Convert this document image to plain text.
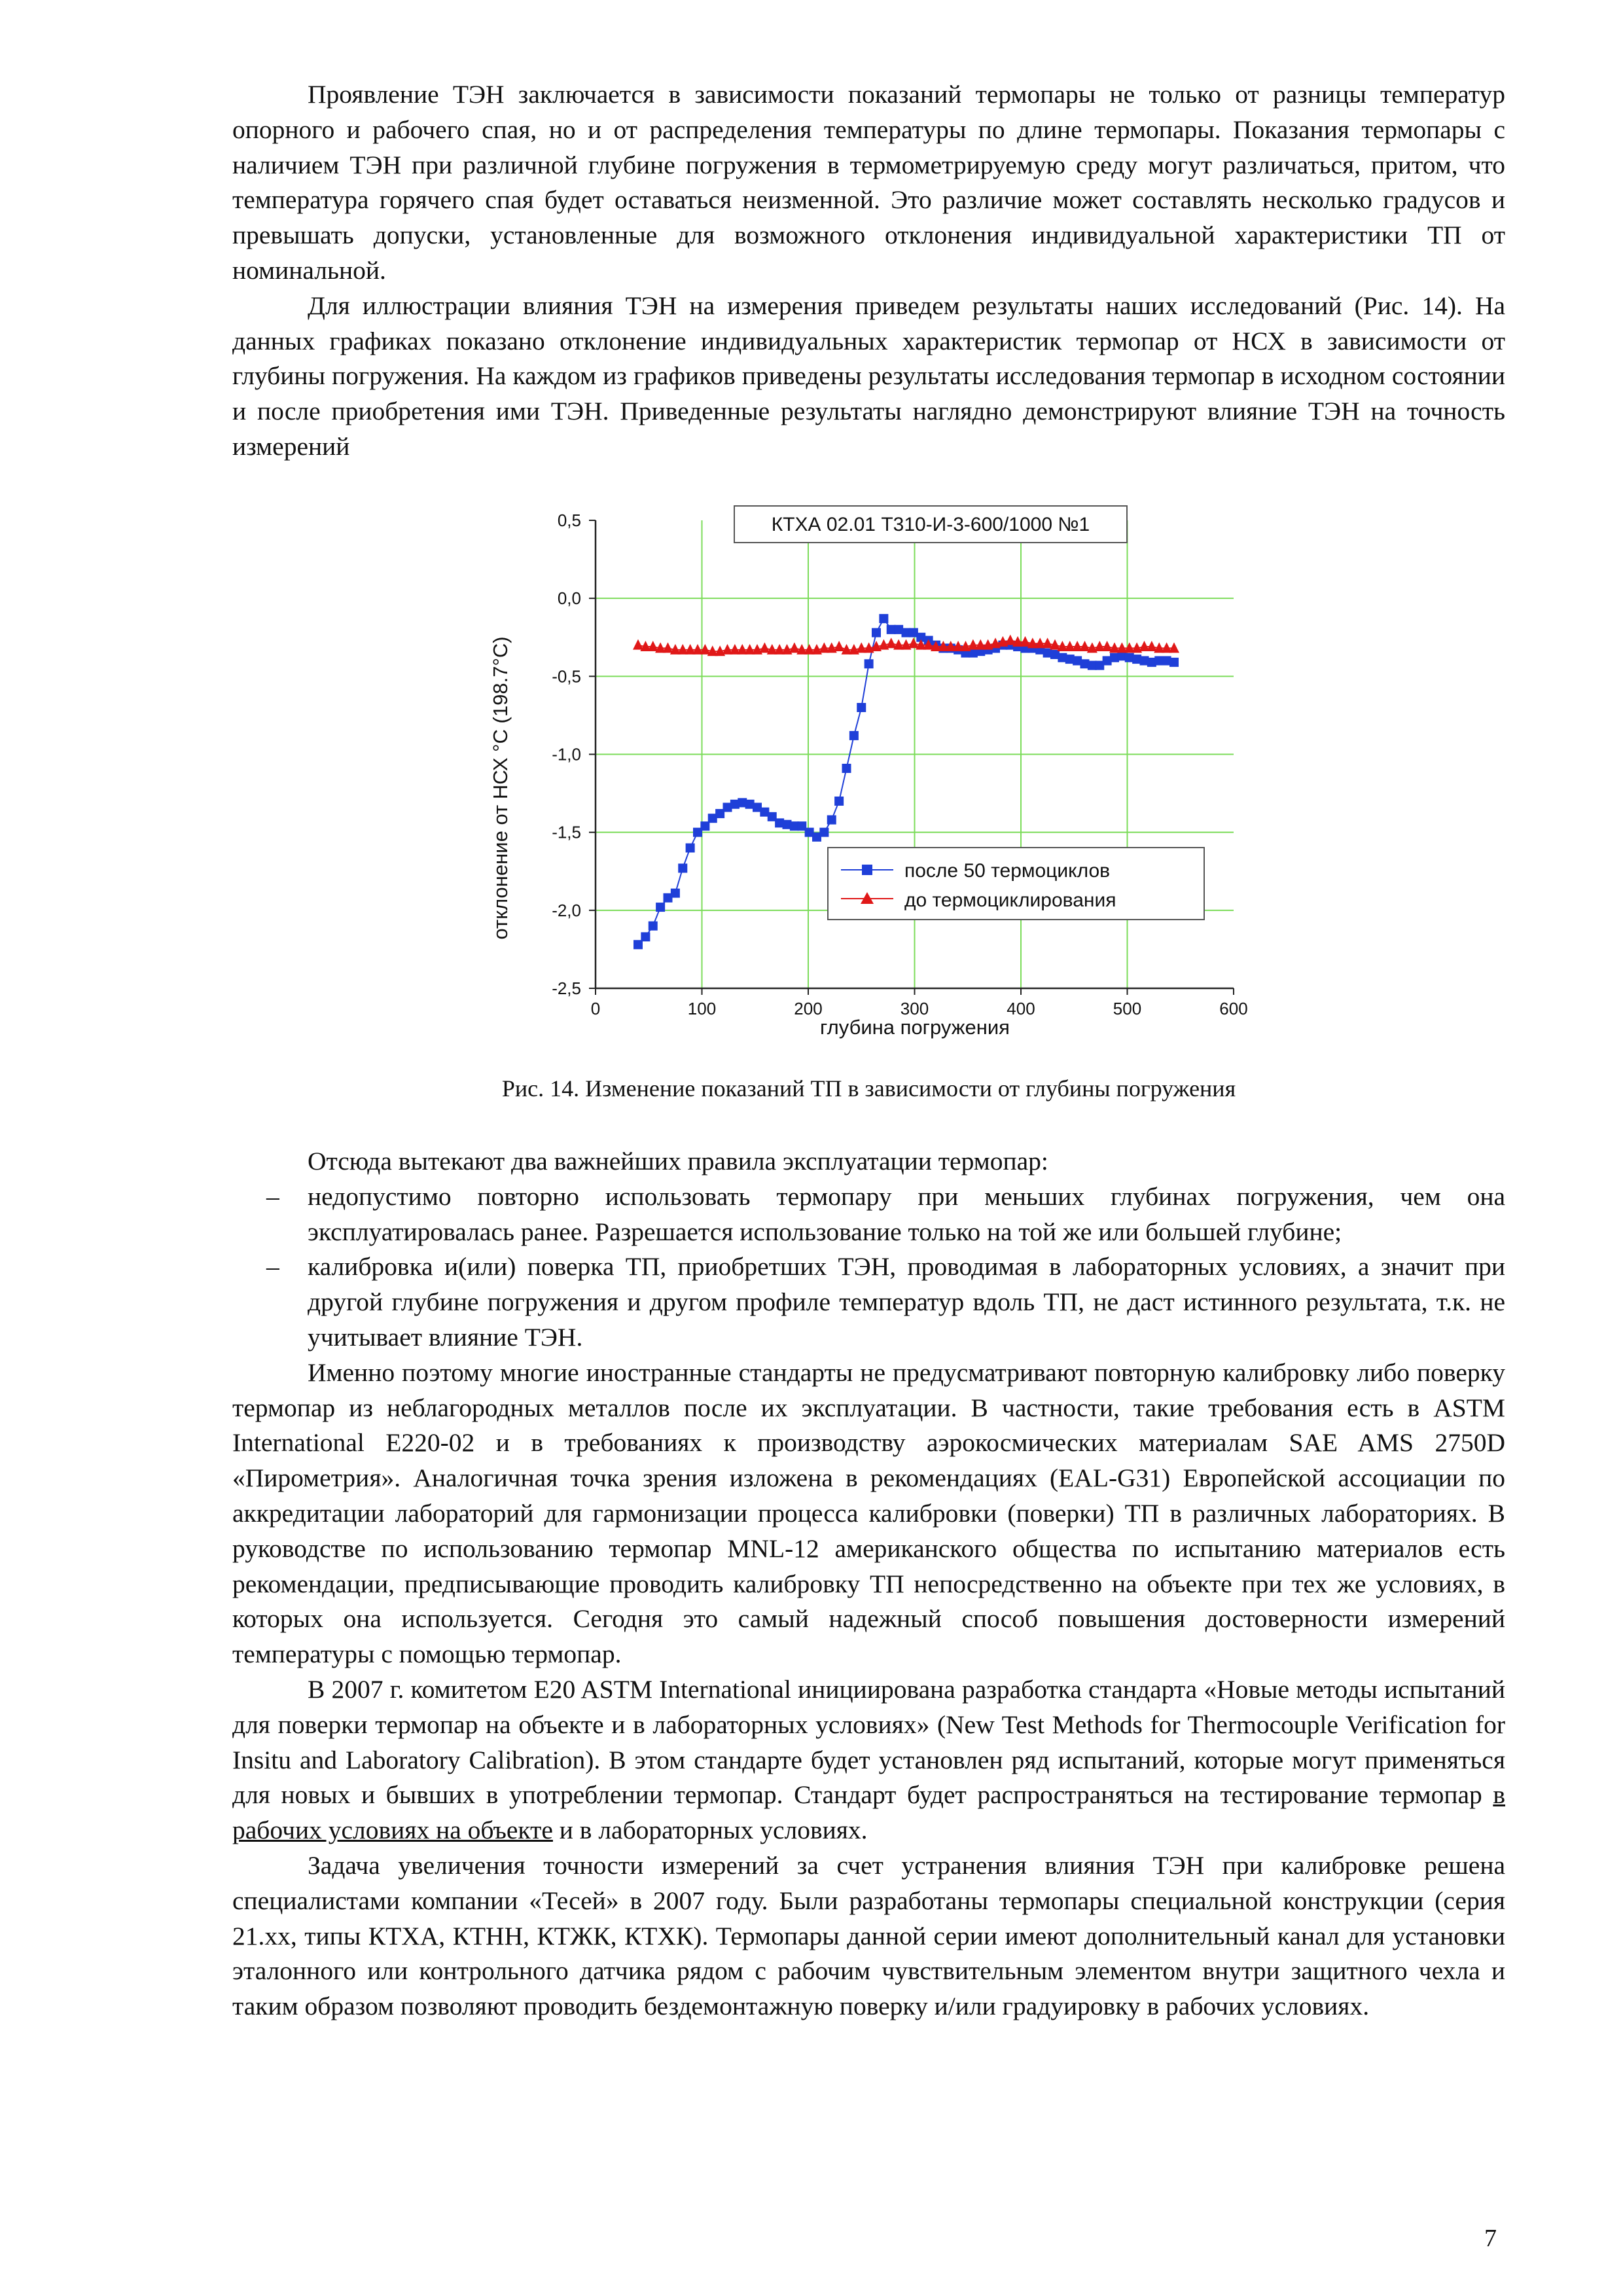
Проявление ТЭН заключается в зависимости показаний термопары не только от разницы температур опорного и рабочего спая, но и от распределения температуры по длине термопары. Показания термопары с наличием ТЭН при различной глубине погружения в термометрируемую среду могут различаться, притом, что температура горячего спая будет оставаться неизменной. Это различие может составлять несколько градусов и превышать допуски, установленные для возможного отклонения индивидуальной характеристики ТП от номинальной.

Для иллюстрации влияния ТЭН на измерения приведем результаты наших исследований (Рис. 14). На данных графиках показано отклонение индивидуальных характеристик термопар от НСХ в зависимости от глубины погружения. На каждом из графиков приведены результаты исследования термопар в исходном состоянии и после приобретения ими ТЭН. Приведенные результаты наглядно демонстрируют влияние ТЭН на точность измерений

0	100	200	300	400	500	600
0,5
0,0
-0,5
-1,0
-1,5
-2,0
-2,5
КТХА 02.01 Т310-И-3-600/1000 №1
после 50 термоциклов
до термоциклирования
глубина погружения
отклонение от НСХ °С (198.7°С)
Рис. 14. Изменение показаний ТП в зависимости от глубины погружения

Отсюда вытекают два важнейших правила эксплуатации термопар:

– недопустимо повторно использовать термопару при меньших глубинах погружения, чем она эксплуатировалась ранее. Разрешается использование только на той же или большей глубине;
– калибровка и(или) поверка ТП, приобретших ТЭН, проводимая в лабораторных условиях, а значит при другой глубине погружения и другом профиле температур вдоль ТП, не даст истинного результата, т.к. не учитывает влияние ТЭН.

Именно поэтому многие иностранные стандарты не предусматривают повторную калибровку либо поверку термопар из неблагородных металлов после их эксплуатации. В частности, такие требования есть в ASTM International E220-02 и в требованиях к производству аэрокосмических материалам SAE AMS 2750D «Пирометрия». Аналогичная точка зрения изложена в рекомендациях (EAL-G31) Европейской ассоциации по аккредитации лабораторий для гармонизации процесса калибровки (поверки) ТП в различных лабораториях. В руководстве по использованию термопар MNL-12 американского общества по испытанию материалов есть рекомендации, предписывающие проводить калибровку ТП непосредственно на объекте при тех же условиях, в которых она используется. Сегодня это самый надежный способ повышения достоверности измерений температуры с помощью термопар.

В 2007 г. комитетом E20 ASTM International инициирована разработка стандарта «Новые методы испытаний для поверки термопар на объекте и в лабораторных условиях» (New Test Methods for Thermocouple Verification for Insitu and Laboratory Calibration). В этом стандарте будет установлен ряд испытаний, которые могут применяться для новых и бывших в употреблении термопар. Стандарт будет распространяться на тестирование термопар в рабочих условиях на объекте и в лабораторных условиях.

Задача увеличения точности измерений за счет устранения влияния ТЭН при калибровке решена специалистами компании «Тесей» в 2007 году. Были разработаны термопары специальной конструкции (серия 21.хх, типы КТХА, КТНН, КТЖК, КТХК). Термопары данной серии имеют дополнительный канал для установки эталонного или контрольного датчика рядом с рабочим чувствительным элементом внутри защитного чехла и таким образом позволяют проводить бездемонтажную поверку и/или градуировку в рабочих условиях.

7
